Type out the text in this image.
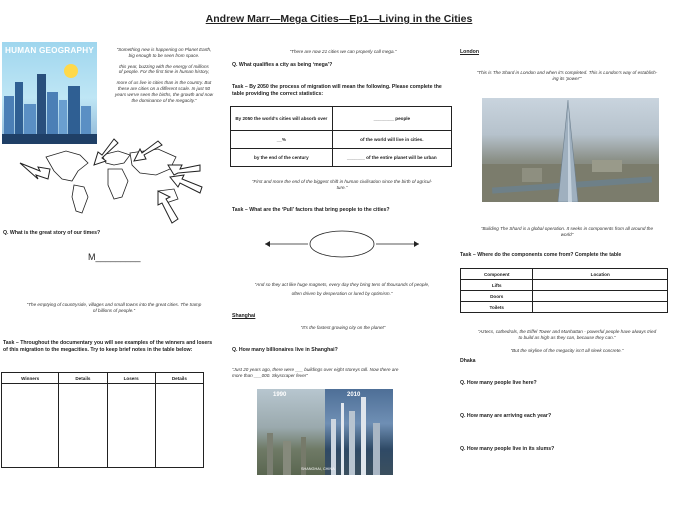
Andrew Marr—Mega Cities—Ep1—Living in the Cities
HUMAN GEOGRAPHY	“Something new is happening on Planet Earth,
big enough to be seen from space.
this year, buzzing with the energy of millions
of people. For the first time in human history,
more of us live in cities than in the country. But
these are cities on a different scale. In just 50
years we've seen the births, the growth and now
the dominance of the megacity.”
Q. What is the great story of our times?
M_________
“The emptying of countryside, villages and small towns into the great cities. The tramp
of billions of people.”
Task – Throughout the documentary you will see examples of the winners and losers
of this migration to the megacities. Try to keep brief notes in the table below:
Winners	Details	Losers	Details

“There are now 21 cities we can properly call mega.”
Q. What qualifies a city as being ‘mega’?
Task – By 2050 the process of migration will mean the following. Please complete the
table providing the correct statistics:
By 2050 the world's cities will absorb over	________ people
__%	of the world will live in cities.
by the end of the century	_______ of the entire planet will be urban
“First and more the end of the biggest shift in human civilisation since the birth of agricul-
ture.”
Task – What are the ‘Pull’ factors that bring people to the cities?
“And so they act like huge magnets, every day they bring tens of thousands of people,
often driven by desperation or lured by optimism.”
Shanghai
“It's the fastest growing city on the planet”
Q. How many billionaires live in Shanghai?
“Just 20 years ago, there were ___ buildings over eight storeys tall. Now there are
more than ___000. Skyscraper fever”
1990	2010
SHANGHAI, CHINA
London
“This is The Shard in London and when it's completed. This is London's way of establish-
ing its 'power'”
“Building The Shard is a global operation. It seeks in components from all around the
world”
Task – Where do the components come from? Complete the table
Component	Location
Lifts	
Doors	
Toilets	
“Aztecs, cathedrals, the Eiffel Tower and Manhattan - powerful people have always tried
to build as high as they can, because they can.”
“But the skyline of the megacity isn't all sleek concrete.”
Dhaka
Q. How many people live here?
Q. How many are arriving each year?
Q. How many people live in its slums?
